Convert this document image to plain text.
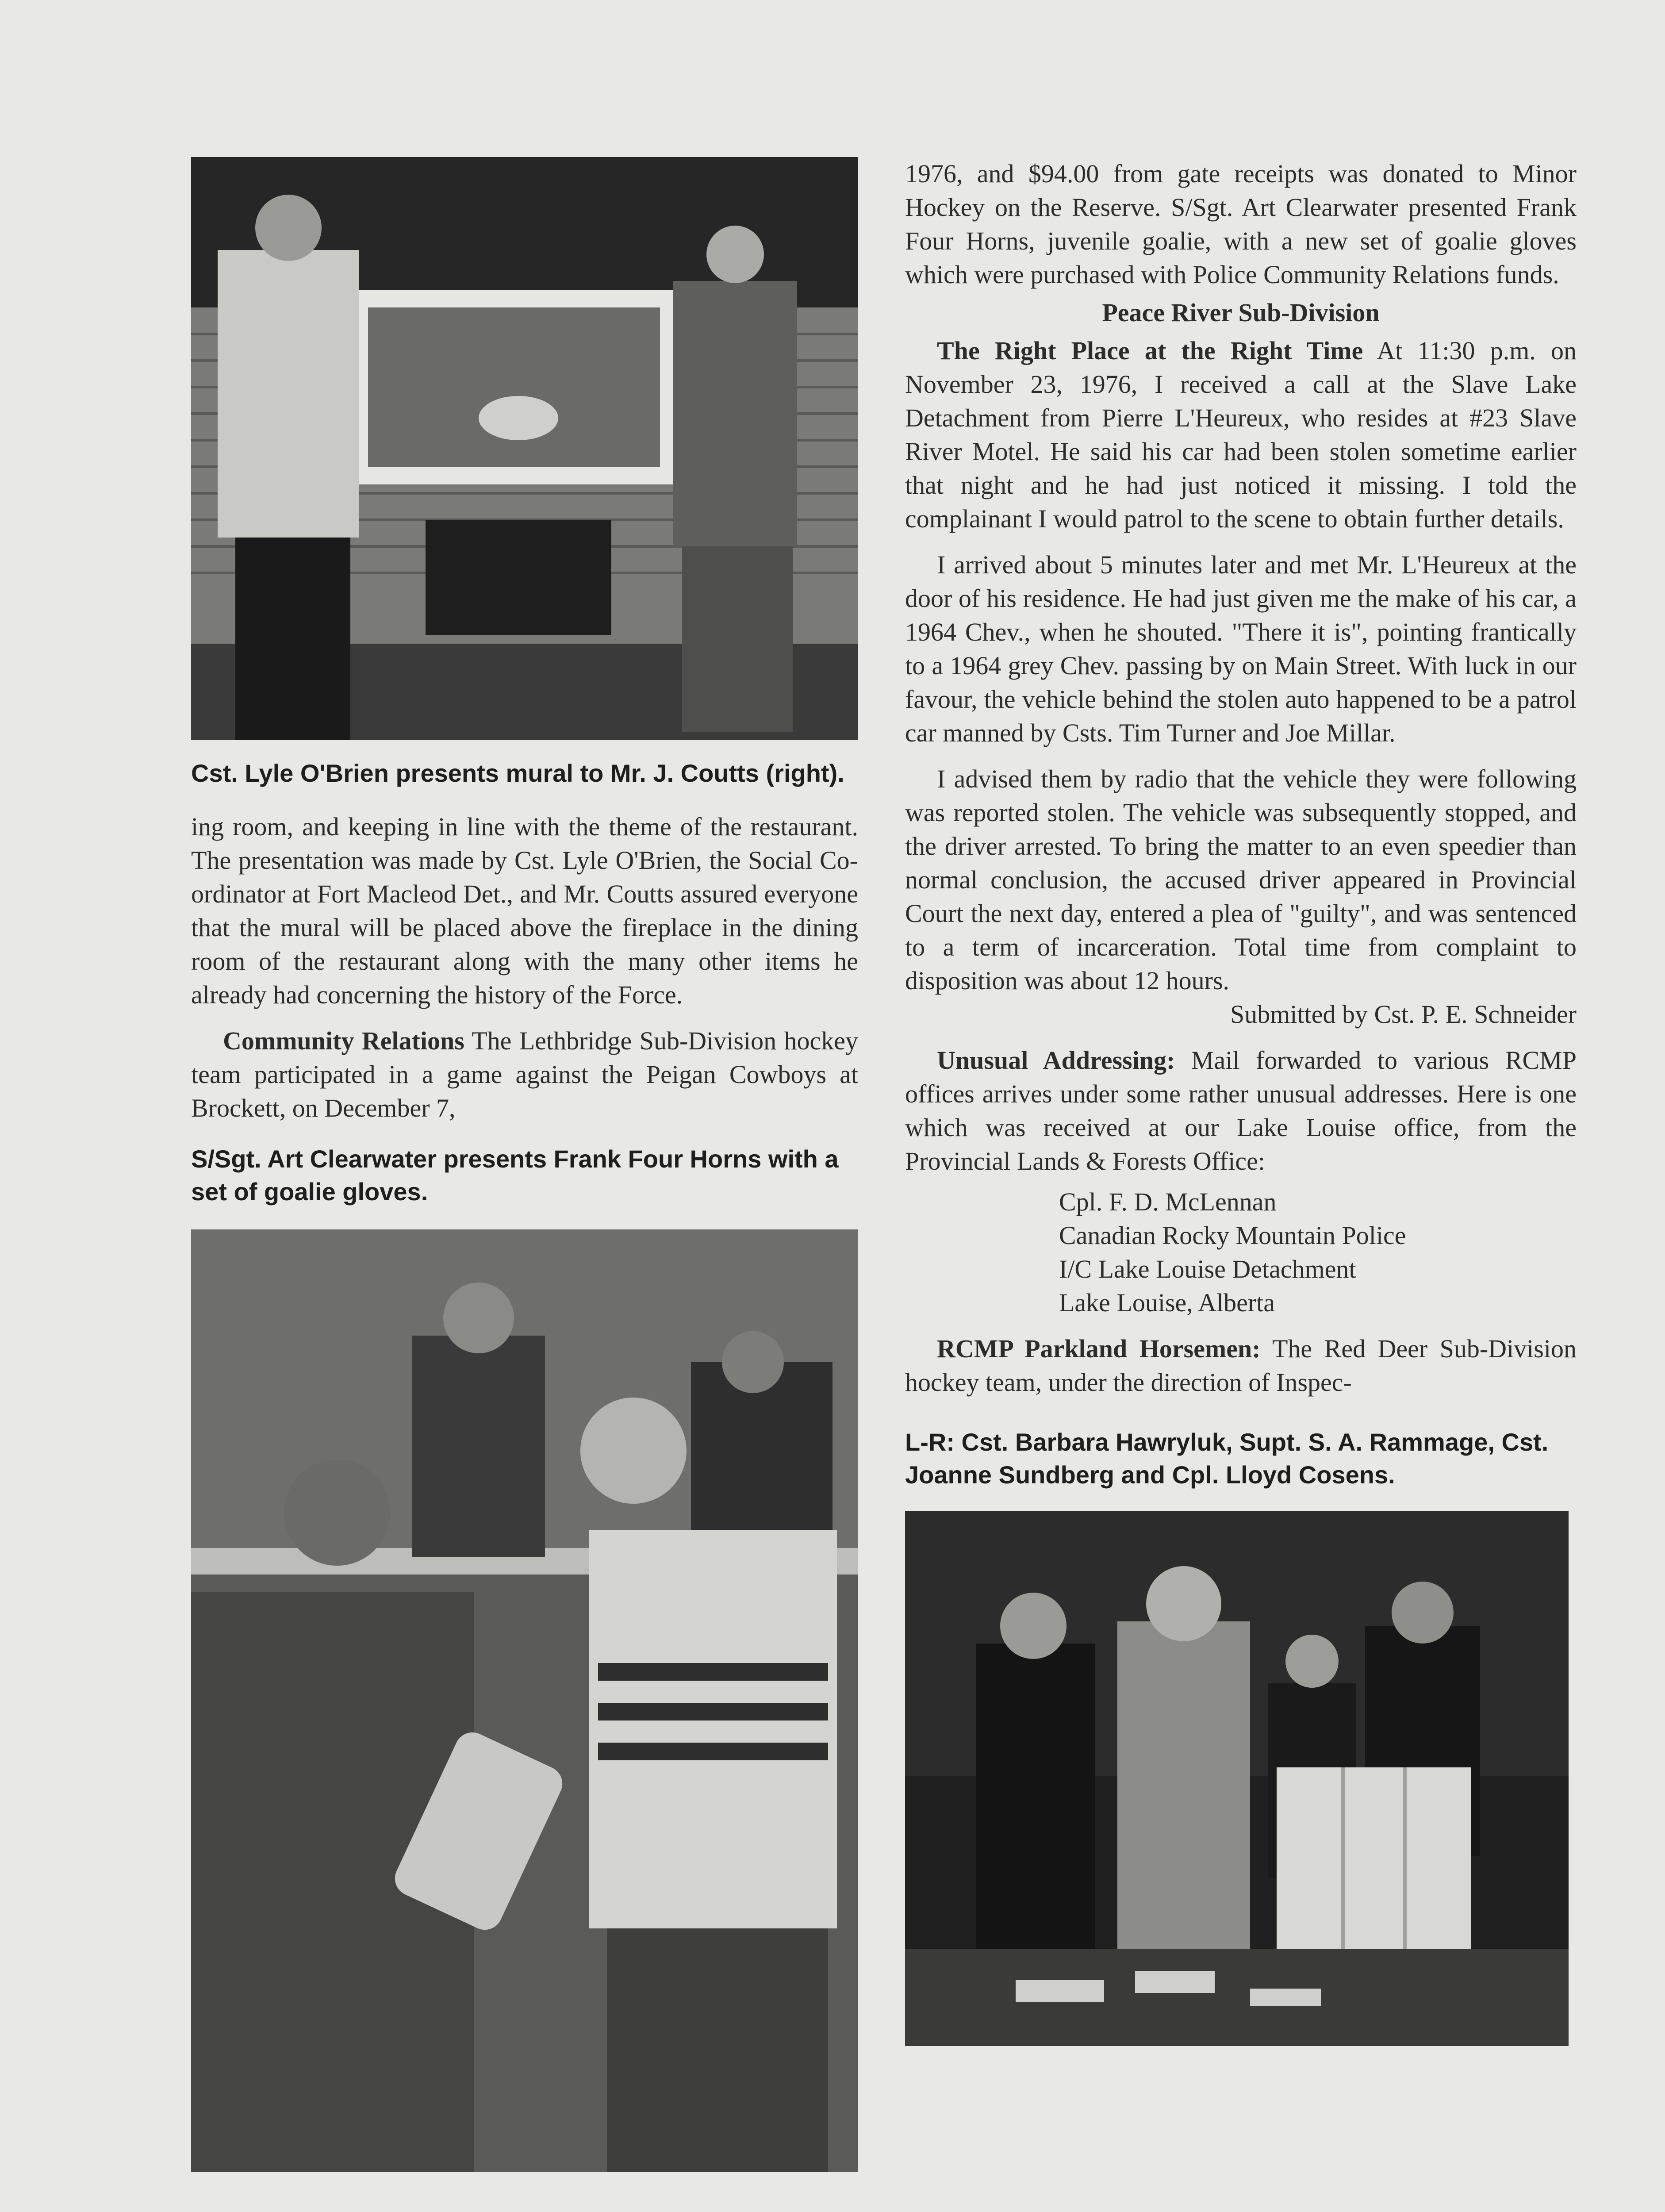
Cst. Lyle O'Brien presents mural to Mr. J. Coutts (right).

ing room, and keeping in line with the theme of the restaurant. The presentation was made by Cst. Lyle O'Brien, the Social Co-ordinator at Fort Macleod Det., and Mr. Coutts assured everyone that the mural will be placed above the fireplace in the dining room of the restaurant along with the many other items he already had concerning the history of the Force.

Community Relations The Lethbridge Sub-Division hockey team participated in a game against the Peigan Cowboys at Brockett, on December 7,

S/Sgt. Art Clearwater presents Frank Four Horns with a set of goalie gloves.

1976, and $94.00 from gate receipts was donated to Minor Hockey on the Reserve. S/Sgt. Art Clearwater presented Frank Four Horns, juvenile goalie, with a new set of goalie gloves which were purchased with Police Community Relations funds.

Peace River Sub-Division

The Right Place at the Right Time At 11:30 p.m. on November 23, 1976, I received a call at the Slave Lake Detachment from Pierre L'Heureux, who resides at #23 Slave River Motel. He said his car had been stolen sometime earlier that night and he had just noticed it missing. I told the complainant I would patrol to the scene to obtain further details.

I arrived about 5 minutes later and met Mr. L'Heureux at the door of his residence. He had just given me the make of his car, a 1964 Chev., when he shouted. "There it is", pointing frantically to a 1964 grey Chev. passing by on Main Street. With luck in our favour, the vehicle behind the stolen auto happened to be a patrol car manned by Csts. Tim Turner and Joe Millar.

I advised them by radio that the vehicle they were following was reported stolen. The vehicle was subsequently stopped, and the driver arrested. To bring the matter to an even speedier than normal conclusion, the accused driver appeared in Provincial Court the next day, entered a plea of "guilty", and was sentenced to a term of incarceration. Total time from complaint to disposition was about 12 hours.

Submitted by Cst. P. E. Schneider

Unusual Addressing: Mail forwarded to various RCMP offices arrives under some rather unusual addresses. Here is one which was received at our Lake Louise office, from the Provincial Lands & Forests Office:

Cpl. F. D. McLennan
Canadian Rocky Mountain Police
I/C Lake Louise Detachment
Lake Louise, Alberta

RCMP Parkland Horsemen: The Red Deer Sub-Division hockey team, under the direction of Inspec-

L-R: Cst. Barbara Hawryluk, Supt. S. A. Rammage, Cst. Joanne Sundberg and Cpl. Lloyd Cosens.
